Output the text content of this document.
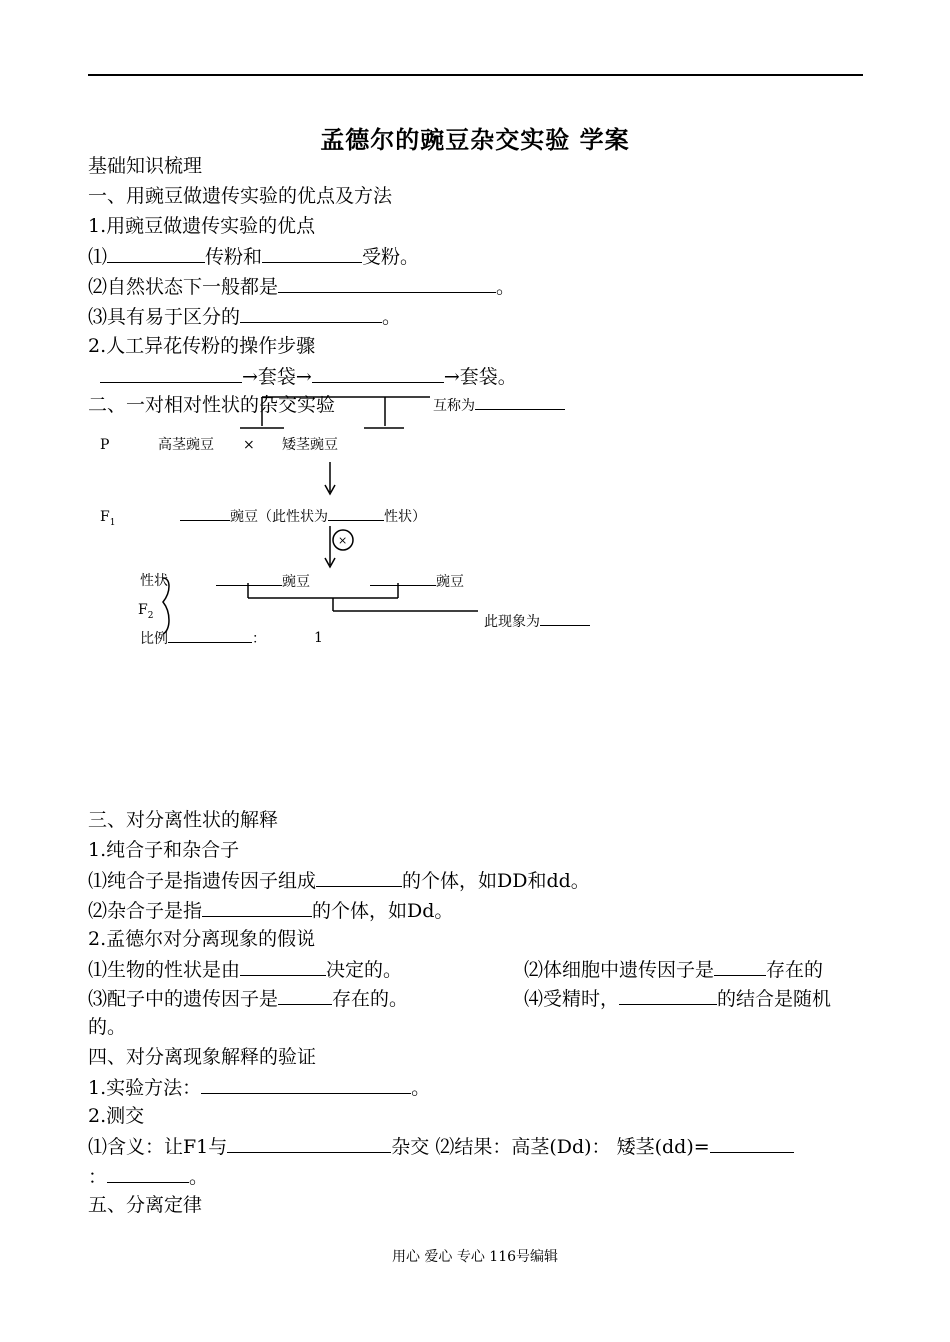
孟德尔的豌豆杂交实验 学案
基础知识梳理
一、用豌豆做遗传实验的优点及方法
1.用豌豆做遗传实验的优点
⑴	传粉和	受粉。
⑵自然状态下一般都是	。
⑶具有易于区分的	。
2.人工异花传粉的操作步骤
→套袋→	→套袋。
二、一对相对性状的杂交实验	互称为
P	高茎豌豆 × 矮茎豌豆
$F_1$	豌豆（此性状为	性状）
×
性状	豌豆	豌豆
$F_2$
比例	：	1
此现象为
三、对分离性状的解释
1.纯合子和杂合子
⑴纯合子是指遗传因子组成	的个体，如DD和dd。
⑵杂合子是指	的个体，如Dd。
2.孟德尔对分离现象的假说
⑴生物的性状是由	决定的。	⑵体细胞中遗传因子是	存在的
⑶配子中的遗传因子是	存在的。	⑷受精时，	的结合是随机
的。
四、对分离现象解释的验证
1.实验方法：	。
2.测交
⑴含义：让F1与	杂交 ⑵结果：高茎(Dd)： 矮茎(dd)=
：	。
五、分离定律
用心 爱心 专心 116号编辑
